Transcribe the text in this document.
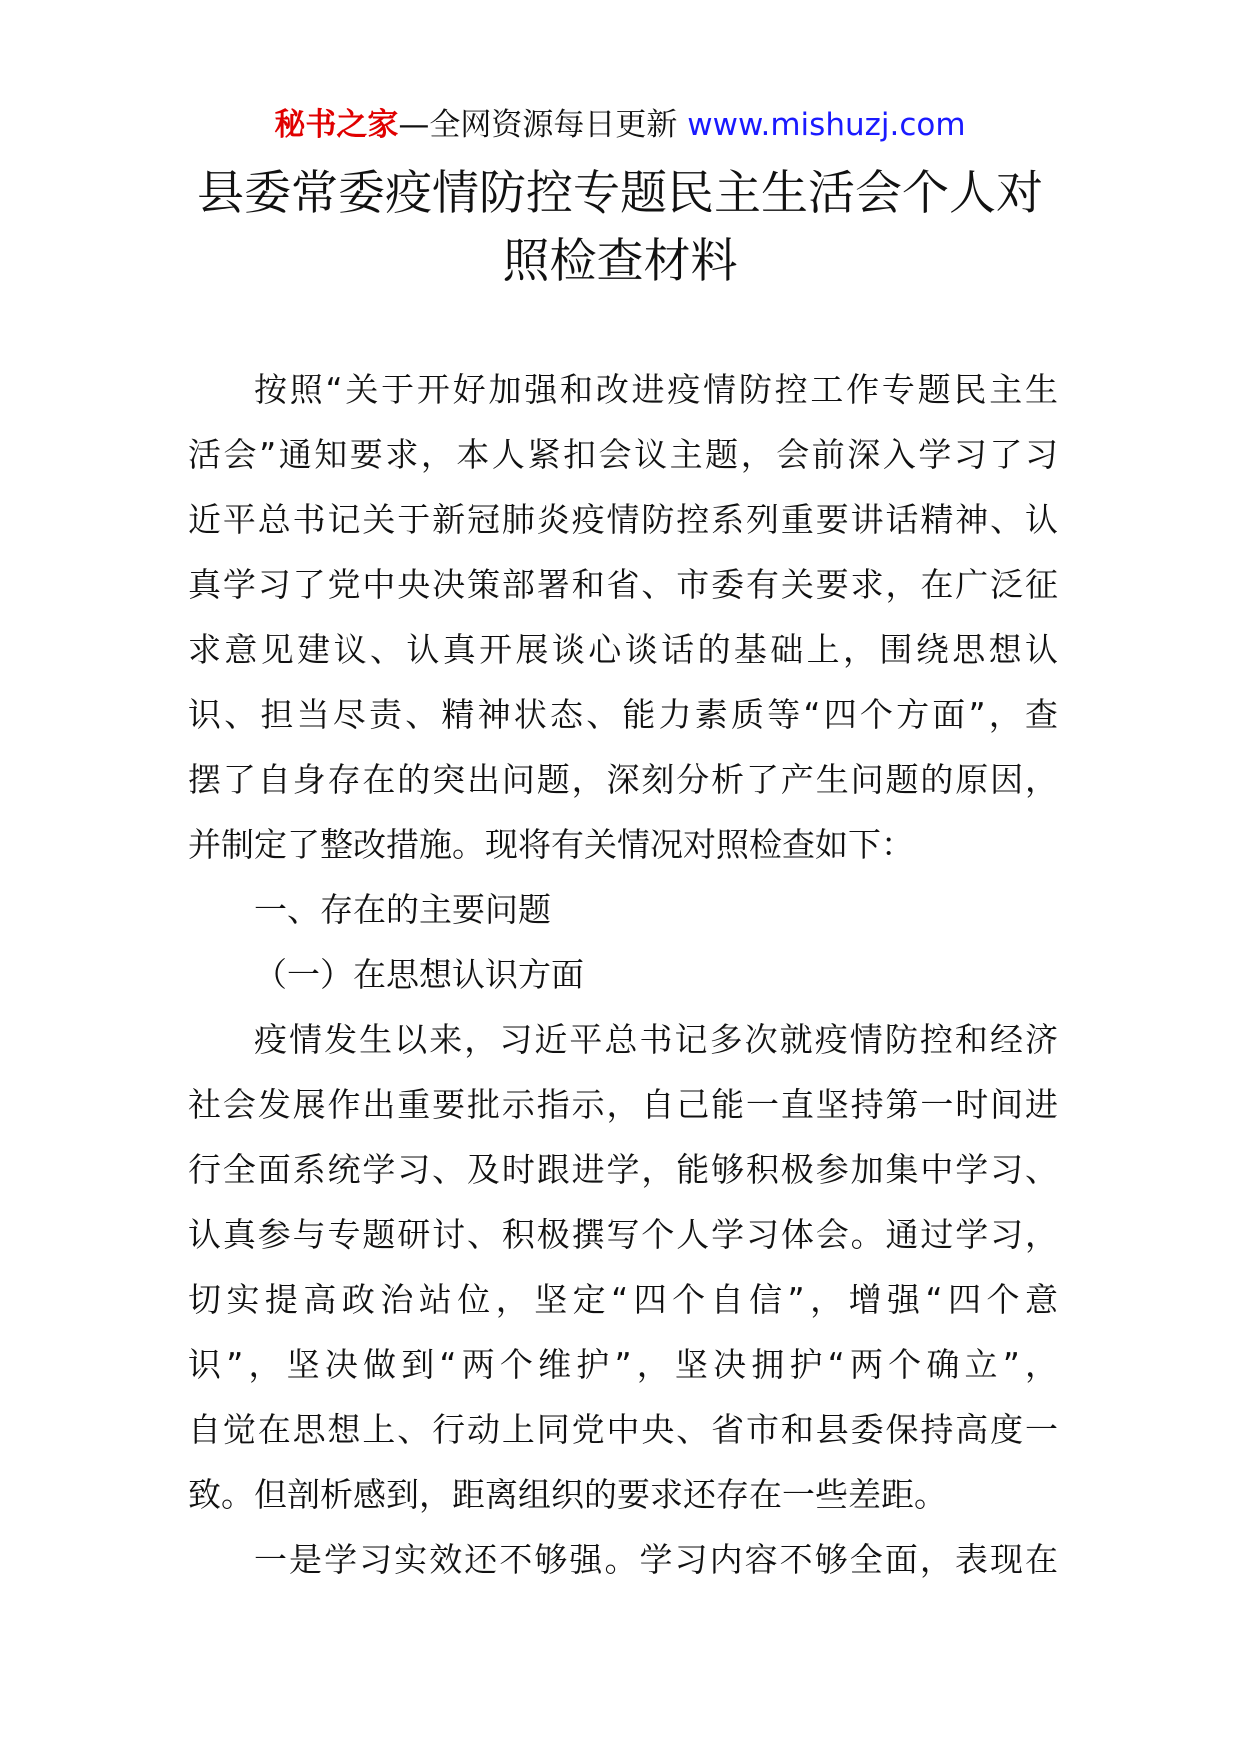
秘书之家—全网资源每日更新 www.mishuzj.com
县委常委疫情防控专题民主生活会个人对
照检查材料
按照“关于开好加强和改进疫情防控工作专题民主生
活会”通知要求，本人紧扣会议主题，会前深入学习了习
近平总书记关于新冠肺炎疫情防控系列重要讲话精神、认
真学习了党中央决策部署和省、市委有关要求，在广泛征
求意见建议、认真开展谈心谈话的基础上，围绕思想认
识、担当尽责、精神状态、能力素质等“四个方面”，查
摆了自身存在的突出问题，深刻分析了产生问题的原因，
并制定了整改措施。现将有关情况对照检查如下：
一、存在的主要问题
（一）在思想认识方面
疫情发生以来，习近平总书记多次就疫情防控和经济
社会发展作出重要批示指示，自己能一直坚持第一时间进
行全面系统学习、及时跟进学，能够积极参加集中学习、
认真参与专题研讨、积极撰写个人学习体会。通过学习，
切实提高政治站位，坚定“四个自信”，增强“四个意
识”，坚决做到“两个维护”，坚决拥护“两个确立”，
自觉在思想上、行动上同党中央、省市和县委保持高度一
致。但剖析感到，距离组织的要求还存在一些差距。
一是学习实效还不够强。学习内容不够全面，表现在
